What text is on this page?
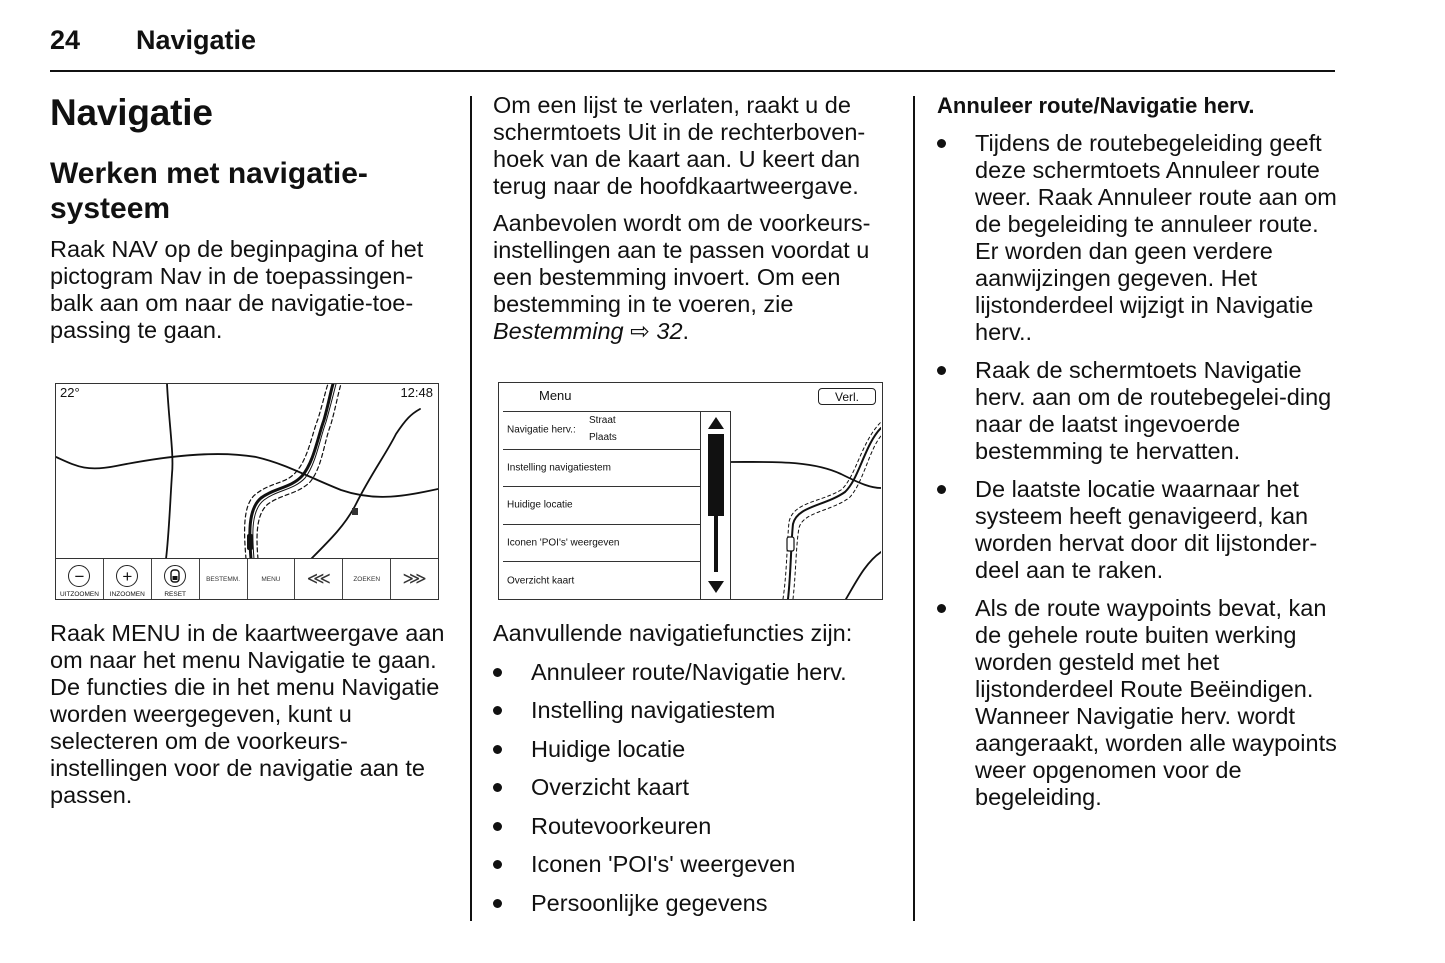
24 Navigatie
Navigatie
Werken met navigatie-
systeem

Raak NAV op de beginpagina of het pictogram Nav in de toepassingen-balk aan om naar de navigatie-toe-passing te gaan.

22°	12:48
−
UITZOOMEN
+
INZOOMEN	RESET
BESTEMM.	MENU ⋘	ZOEKEN ⋙

Raak MENU in de kaartweergave aan om naar het menu Navigatie te gaan. De functies die in het menu Navigatie worden weergegeven, kunt u selecteren om de voorkeurs-instellingen voor de navigatie aan te passen.

Om een lijst te verlaten, raakt u de schermtoets Uit in de rechterboven-hoek van de kaart aan. U keert dan terug naar de hoofdkaartweergave.

Aanbevolen wordt om de voorkeurs-instellingen aan te passen voordat u een bestemming invoert. Om een bestemming in te voeren, zie Bestemming ⇨ 32.

Menu	Verl.
Navigatie herv.:
Straat
Plaats
Instelling navigatiestem
Huidige locatie
Iconen 'POI's' weergeven
Overzicht kaart

Aanvullende navigatiefuncties zijn:

Annuleer route/Navigatie herv.
Instelling navigatiestem
Huidige locatie
Overzicht kaart
Routevoorkeuren
Iconen 'POI's' weergeven
Persoonlijke gegevens
Annuleer route/Navigatie herv.
Tijdens de routebegeleiding geeft deze schermtoets Annuleer route weer. Raak Annuleer route aan om de begeleiding te annuleer route. Er worden dan geen verdere aanwijzingen gegeven. Het lijstonderdeel wijzigt in Navigatie herv..
Raak de schermtoets Navigatie herv. aan om de routebegelei-ding naar de laatst ingevoerde bestemming te hervatten.
De laatste locatie waarnaar het systeem heeft genavigeerd, kan worden hervat door dit lijstonder-deel aan te raken.
Als de route waypoints bevat, kan de gehele route buiten werking worden gesteld met het lijstonderdeel Route Beëindigen. Wanneer Navigatie herv. wordt aangeraakt, worden alle waypoints weer opgenomen voor de begeleiding.
